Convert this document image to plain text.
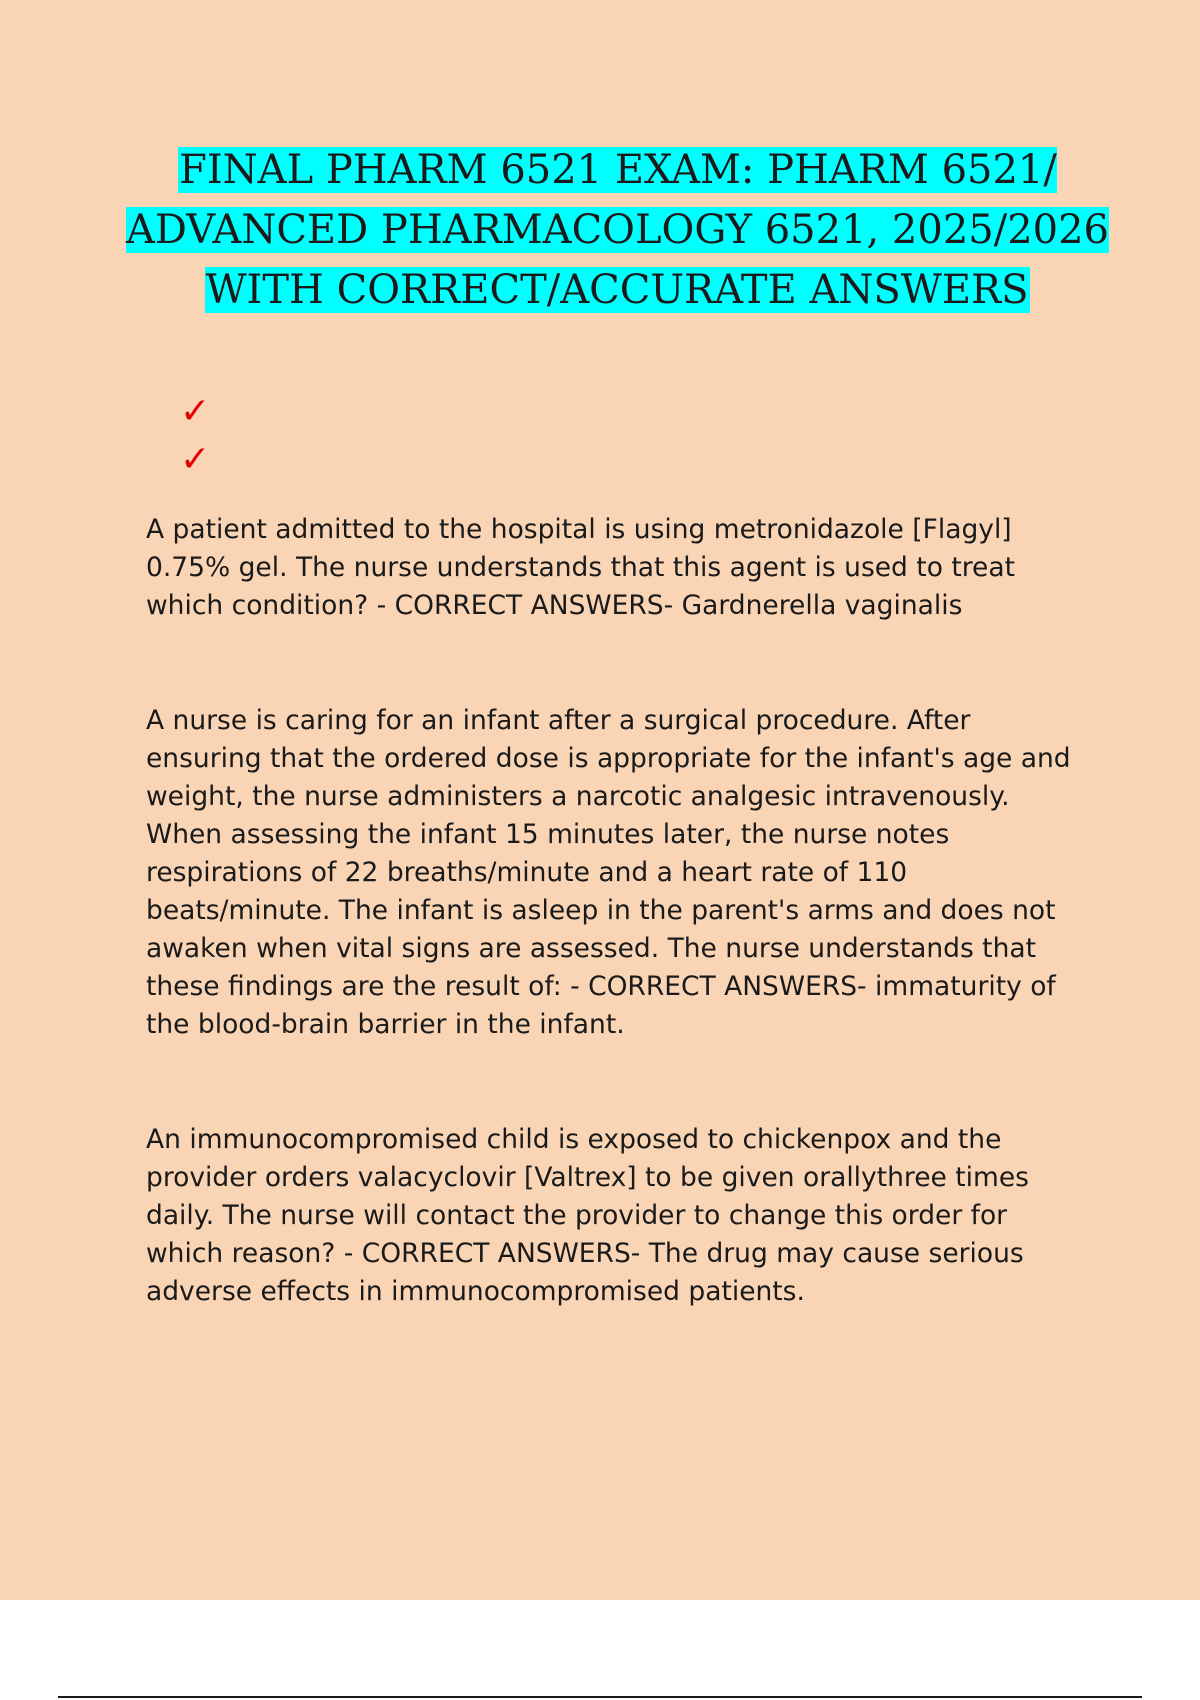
FINAL PHARM 6521 EXAM: PHARM 6521/ ADVANCED PHARMACOLOGY 6521, 2025/2026 WITH CORRECT/ACCURATE ANSWERS
✓
✓

A patient admitted to the hospital is using metronidazole [Flagyl] 0.75% gel. The nurse understands that this agent is used to treat which condition? - CORRECT ANSWERS- Gardnerella vaginalis

A nurse is caring for an infant after a surgical procedure. After ensuring that the ordered dose is appropriate for the infant's age and weight, the nurse administers a narcotic analgesic intravenously. When assessing the infant 15 minutes later, the nurse notes respirations of 22 breaths/minute and a heart rate of 110 beats/minute. The infant is asleep in the parent's arms and does not awaken when vital signs are assessed. The nurse understands that these findings are the result of: - CORRECT ANSWERS- immaturity of the blood-brain barrier in the infant.

An immunocompromised child is exposed to chickenpox and the provider orders valacyclovir [Valtrex] to be given orallythree times daily. The nurse will contact the provider to change this order for which reason? - CORRECT ANSWERS- The drug may cause serious adverse effects in immunocompromised patients.
